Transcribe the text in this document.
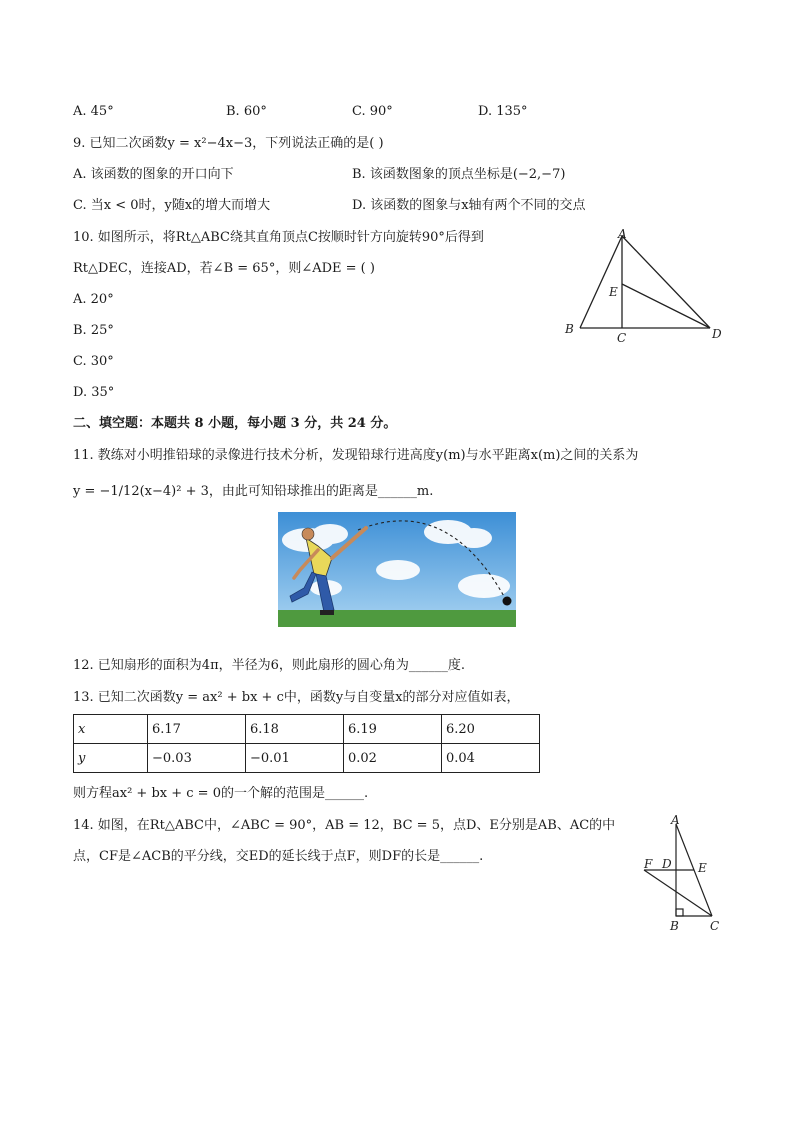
A. 45°	B. 60°	C. 90°	D. 135°
9. 已知二次函数y = x²−4x−3，下列说法正确的是( )
A. 该函数的图象的开口向下	B. 该函数图象的顶点坐标是(−2,−7)
C. 当x < 0时，y随x的增大而增大	D. 该函数的图象与x轴有两个不同的交点
10. 如图所示，将Rt△ABC绕其直角顶点C按顺时针方向旋转90°后得到
Rt△DEC，连接AD，若∠B = 65°，则∠ADE = ( )
A. 20°
B. 25°
C. 30°
D. 35°
A
E
B
C	D
二、填空题：本题共 8 小题，每小题 3 分，共 24 分。
11. 教练对小明推铅球的录像进行技术分析，发现铅球行进高度y(m)与水平距离x(m)之间的关系为
y = −1/12(x−4)² + 3，由此可知铅球推出的距离是______m.
12. 已知扇形的面积为4π，半径为6，则此扇形的圆心角为______度.
13. 已知二次函数y = ax² + bx + c中，函数y与自变量x的部分对应值如表，
x	6.17	6.18	6.19	6.20
y	−0.03	−0.01	0.02	0.04
则方程ax² + bx + c = 0的一个解的范围是______.
14. 如图，在Rt△ABC中，∠ABC = 90°，AB = 12，BC = 5，点D、E分别是AB、AC的中
点，CF是∠ACB的平分线，交ED的延长线于点F，则DF的长是______.
A
F D E
B	C
